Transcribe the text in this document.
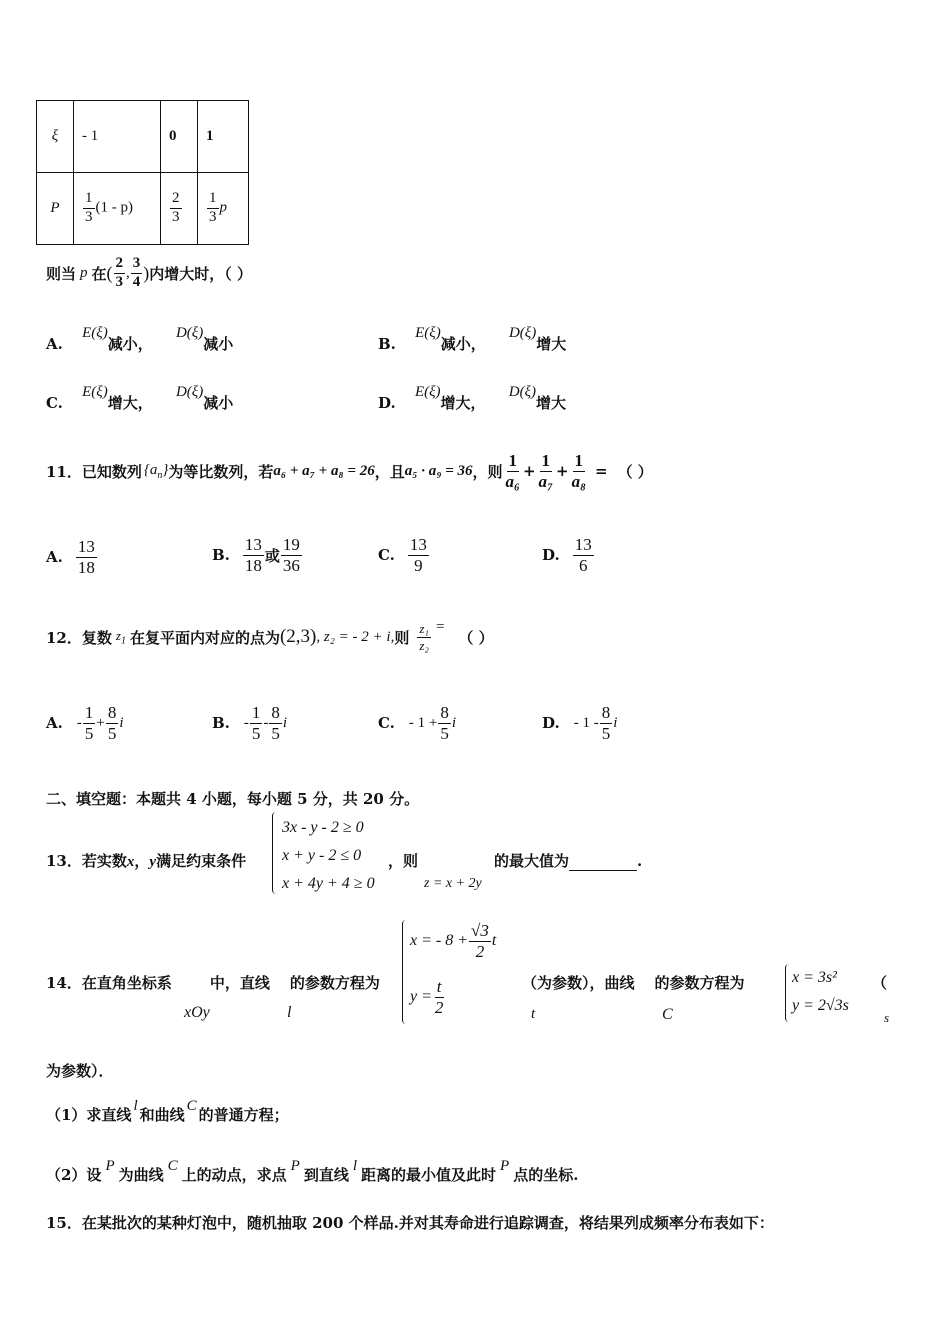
ξ	- 1	0	1
P	$\frac{1}{3} (1 - p)$	$\frac{2}{3}$	$\frac{1}{3}$ p
则当 p 在 ( $\frac{2}{3}$ , $\frac{3}{4}$ ) 内增大时，（ ）
A. E(ξ)减小， D(ξ)减小	B. E(ξ)减小， D(ξ)增大
C. E(ξ)增大， D(ξ)减小	D. E(ξ)增大， D(ξ)增大
11．已知数列 $\{a_n\}$ 为等比数列，若 a₆ + a₇ + a₈ = 26 ，且 a₅ · a₉ = 36 ，则 $\frac{1}{\text{a₆}} + \frac{1}{\text{a₇}} + \frac{1}{\text{a₈}}$ = （ ）
A. $\frac{13}{18}$	B. $\frac{13}{18}$ 或 $\frac{19}{36}$	C. $\frac{13}{9}$	D. $\frac{13}{6}$
12．复数 $z_1$ 在复平面内对应的点为 (2,3) , z₂ = - 2 + i, 则 $\frac{\text{z₁}}{\text{z₂}}$ =
（ ）
A. - $\frac{1}{5} + \frac{8}{5}$ i	B. - $\frac{1}{5} - \frac{8}{5}$ i	C. - $1 + \frac{8}{5}$ i	D. - $1 - \frac{8}{5}$ i
二、填空题：本题共 4 小题，每小题 5 分，共 20 分。
13．若实数x，y满足约束条件
3x - y - 2 ≥ 0
x + y - 2 ≤ 0
x + 4y + 4 ≥ 0
，则
z = x + 2y
的最大值为	.
14．在直角坐标系	中，直线 的参数方程为
xOy	l
x = - $8 + \frac{√3}{2}$ t
$y = \frac{t}{2}$	（为参数），曲线 的参数方程为
t	C
x = 3s²
y = 2√3s
（
s
为参数）．
（1）求直线 l 和曲线 C 的普通方程；
（2）设 P 为曲线 C 上的动点，求点 P 到直线 l 距离的最小值及此时 P 点的坐标.
15．在某批次的某种灯泡中，随机抽取 200 个样品.并对其寿命进行追踪调查，将结果列成频率分布表如下：
